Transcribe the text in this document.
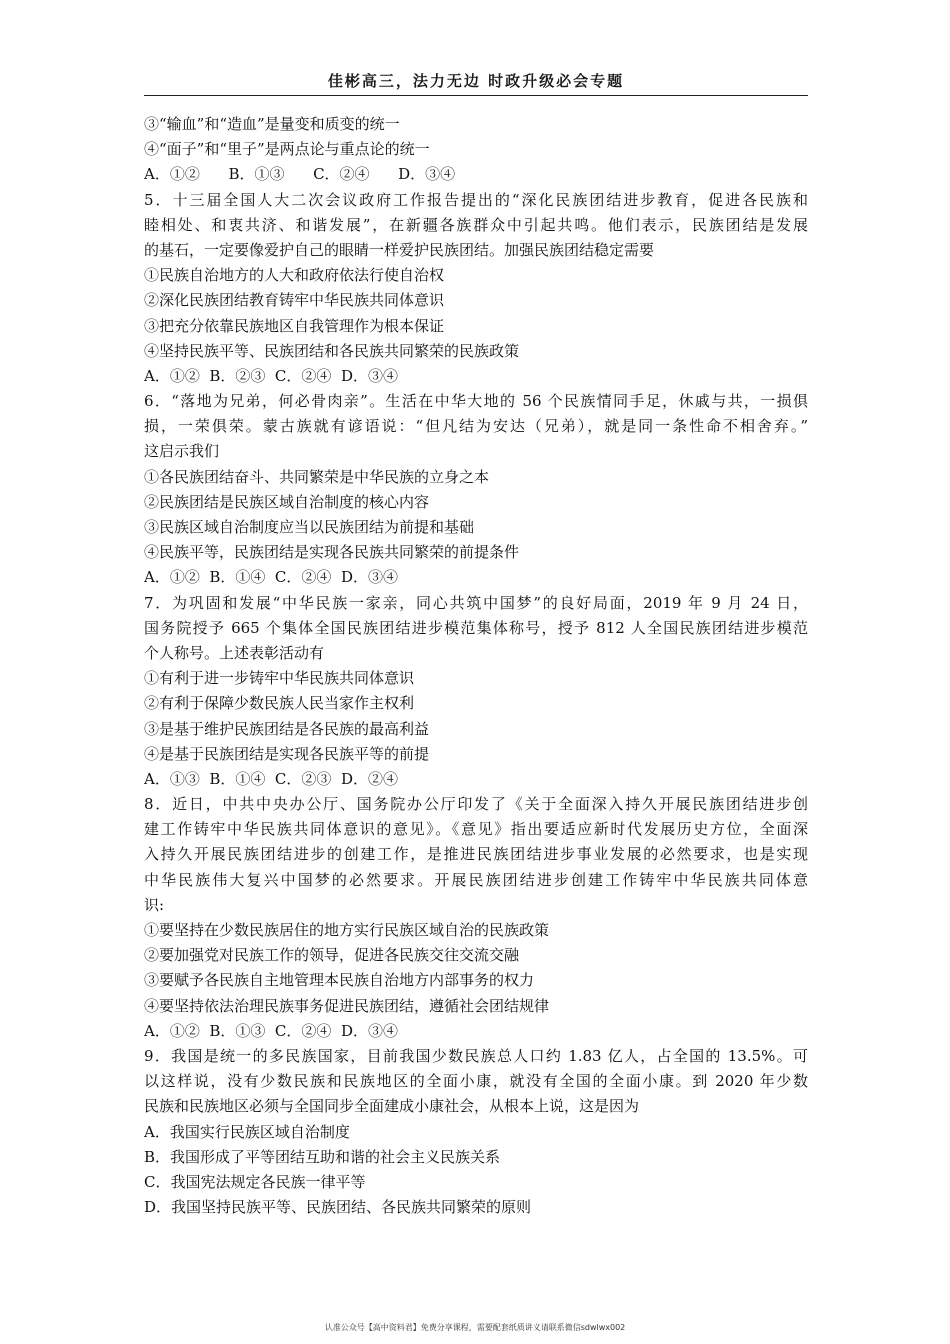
佳彬高三，法力无边 时政升级必会专题
③“输血”和“造血”是量变和质变的统一
④“面子”和“里子”是两点论与重点论的统一
A．①②      B．①③      C．②④      D．③④
5．十三届全国人大二次会议政府工作报告提出的“深化民族团结进步教育，促进各民族和
睦相处、和衷共济、和谐发展”，在新疆各族群众中引起共鸣。他们表示，民族团结是发展
的基石，一定要像爱护自己的眼睛一样爱护民族团结。加强民族团结稳定需要
①民族自治地方的人大和政府依法行使自治权
②深化民族团结教育铸牢中华民族共同体意识
③把充分依靠民族地区自我管理作为根本保证
④坚持民族平等、民族团结和各民族共同繁荣的民族政策
A．①②  B．②③  C．②④  D．③④
6．“落地为兄弟，何必骨肉亲”。生活在中华大地的 56 个民族情同手足，休戚与共，一损俱
损，一荣俱荣。蒙古族就有谚语说：“但凡结为安达（兄弟），就是同一条性命不相舍弃。”
这启示我们
①各民族团结奋斗、共同繁荣是中华民族的立身之本
②民族团结是民族区域自治制度的核心内容
③民族区域自治制度应当以民族团结为前提和基础
④民族平等，民族团结是实现各民族共同繁荣的前提条件
A．①②  B．①④  C．②④  D．③④
7．为巩固和发展“中华民族一家亲，同心共筑中国梦”的良好局面，2019 年 9 月 24 日，
国务院授予 665 个集体全国民族团结进步模范集体称号，授予 812 人全国民族团结进步模范
个人称号。上述表彰活动有
①有利于进一步铸牢中华民族共同体意识
②有利于保障少数民族人民当家作主权利
③是基于维护民族团结是各民族的最高利益
④是基于民族团结是实现各民族平等的前提
A．①③  B．①④  C．②③  D．②④
8．近日，中共中央办公厅、国务院办公厅印发了《关于全面深入持久开展民族团结进步创
建工作铸牢中华民族共同体意识的意见》。《意见》指出要适应新时代发展历史方位，全面深
入持久开展民族团结进步的创建工作，是推进民族团结进步事业发展的必然要求，也是实现
中华民族伟大复兴中国梦的必然要求。开展民族团结进步创建工作铸牢中华民族共同体意
识:
①要坚持在少数民族居住的地方实行民族区域自治的民族政策
②要加强党对民族工作的领导，促进各民族交往交流交融
③要赋予各民族自主地管理本民族自治地方内部事务的权力
④要坚持依法治理民族事务促进民族团结，遵循社会团结规律
A．①②  B．①③  C．②④  D．③④
9．我国是统一的多民族国家，目前我国少数民族总人口约 1.83 亿人，占全国的 13.5%。可
以这样说，没有少数民族和民族地区的全面小康，就没有全国的全面小康。到 2020 年少数
民族和民族地区必须与全国同步全面建成小康社会，从根本上说，这是因为
A．我国实行民族区域自治制度
B．我国形成了平等团结互助和谐的社会主义民族关系
C．我国宪法规定各民族一律平等
D．我国坚持民族平等、民族团结、各民族共同繁荣的原则
认准公众号【高中资料君】免费分享课程，需要配套纸质讲义请联系微信sdwlwx002
